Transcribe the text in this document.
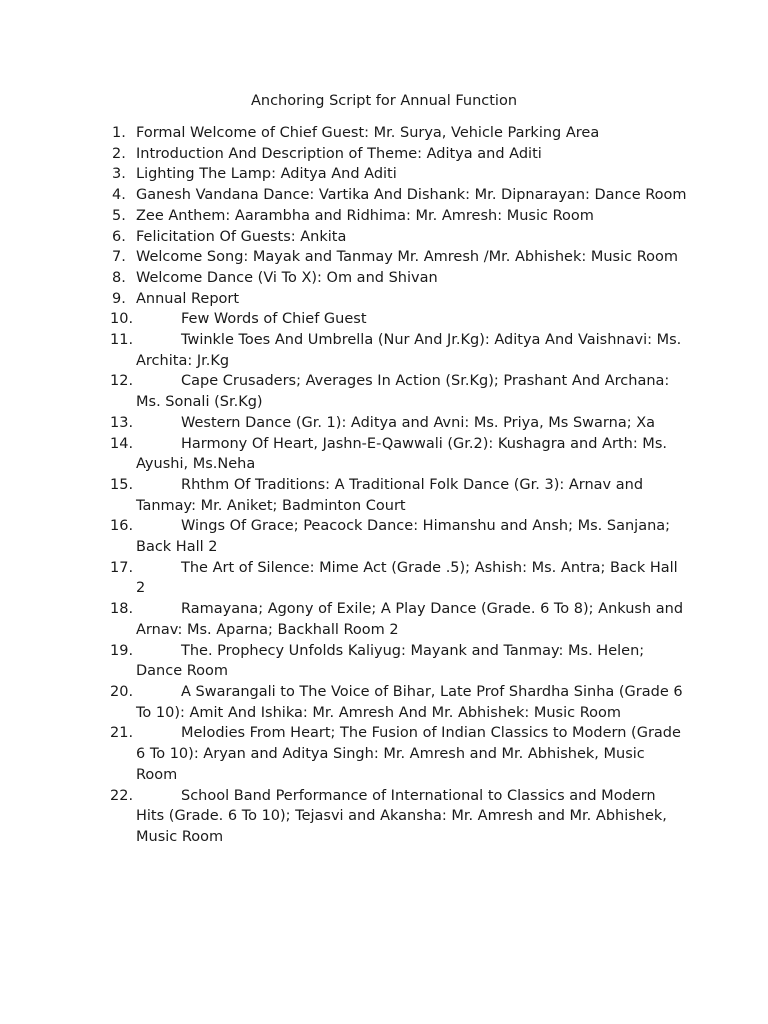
Anchoring Script for Annual Function
1. Formal Welcome of Chief Guest: Mr. Surya, Vehicle Parking Area
2. Introduction And Description of Theme: Aditya and Aditi
3. Lighting The Lamp: Aditya And Aditi
4. Ganesh Vandana Dance: Vartika And Dishank: Mr. Dipnarayan: Dance Room
5. Zee Anthem: Aarambha and Ridhima: Mr. Amresh: Music Room
6. Felicitation Of Guests: Ankita
7. Welcome Song: Mayak and Tanmay Mr. Amresh /Mr. Abhishek: Music Room
8. Welcome Dance (Vi To X): Om and Shivan
9. Annual Report
10.	Few Words of Chief Guest
11.	Twinkle Toes And Umbrella (Nur And Jr.Kg): Aditya And Vaishnavi: Ms. Archita: Jr.Kg
12.	Cape Crusaders; Averages In Action (Sr.Kg); Prashant And Archana: Ms. Sonali (Sr.Kg)
13.	Western Dance (Gr. 1): Aditya and Avni: Ms. Priya, Ms Swarna; Xa
14.	Harmony Of Heart, Jashn-E-Qawwali (Gr.2): Kushagra and Arth: Ms. Ayushi, Ms.Neha
15.	Rhthm Of Traditions: A Traditional Folk Dance (Gr. 3): Arnav and Tanmay: Mr. Aniket; Badminton Court
16.	Wings Of Grace; Peacock Dance: Himanshu and Ansh; Ms. Sanjana; Back Hall 2
17.	The Art of Silence: Mime Act (Grade .5); Ashish: Ms. Antra; Back Hall 2
18.	Ramayana; Agony of Exile; A Play Dance (Grade. 6 To 8); Ankush and Arnav: Ms. Aparna; Backhall Room 2
19.	The. Prophecy Unfolds Kaliyug: Mayank and Tanmay: Ms. Helen; Dance Room
20.	A Swarangali to The Voice of Bihar, Late Prof Shardha Sinha (Grade 6 To 10): Amit And Ishika: Mr. Amresh And Mr. Abhishek: Music Room
21.	Melodies From Heart; The Fusion of Indian Classics to Modern (Grade 6 To 10): Aryan and Aditya Singh: Mr. Amresh and Mr. Abhishek, Music Room
22.	School Band Performance of International to Classics and Modern Hits (Grade. 6 To 10); Tejasvi and Akansha: Mr. Amresh and Mr. Abhishek, Music Room
